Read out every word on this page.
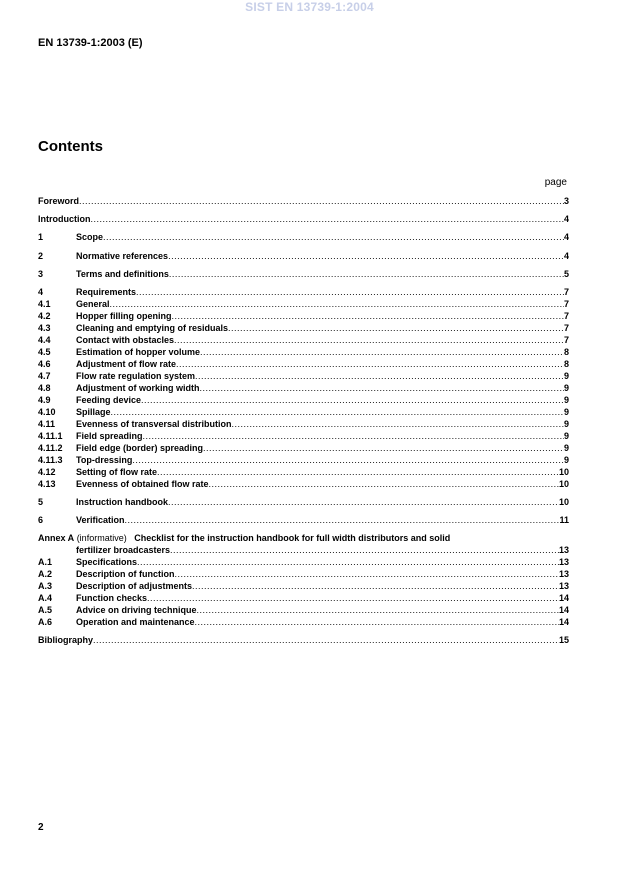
SIST EN 13739-1:2004
EN 13739-1:2003 (E)
Contents
page
Foreword .....	3
Introduction .....	4
1	Scope .....	4
2	Normative references .....	4
3	Terms and definitions .....	5
4	Requirements .....	7
4.1	General .....	7
4.2	Hopper filling opening .....	7
4.3	Cleaning and emptying of residuals .....	7
4.4	Contact with obstacles .....	7
4.5	Estimation of hopper volume .....	8
4.6	Adjustment of flow rate .....	8
4.7	Flow rate regulation system .....	9
4.8	Adjustment of working width .....	9
4.9	Feeding device .....	9
4.10	Spillage .....	9
4.11	Evenness of transversal distribution .....	9
4.11.1	Field spreading .....	9
4.11.2	Field edge (border) spreading .....	9
4.11.3	Top-dressing .....	9
4.12	Setting of flow rate .....	10
4.13	Evenness of obtained flow rate .....	10
5	Instruction handbook .....	10
6	Verification .....	11
Annex A
(informative)
Checklist for the instruction handbook for full width distributors and solid
fertilizer broadcasters .....	13
A.1	Specifications .....	13
A.2	Description of function .....	13
A.3	Description of adjustments .....	13
A.4	Function checks .....	14
A.5	Advice on driving technique .....	14
A.6	Operation and maintenance .....	14
Bibliography .....	15
2
